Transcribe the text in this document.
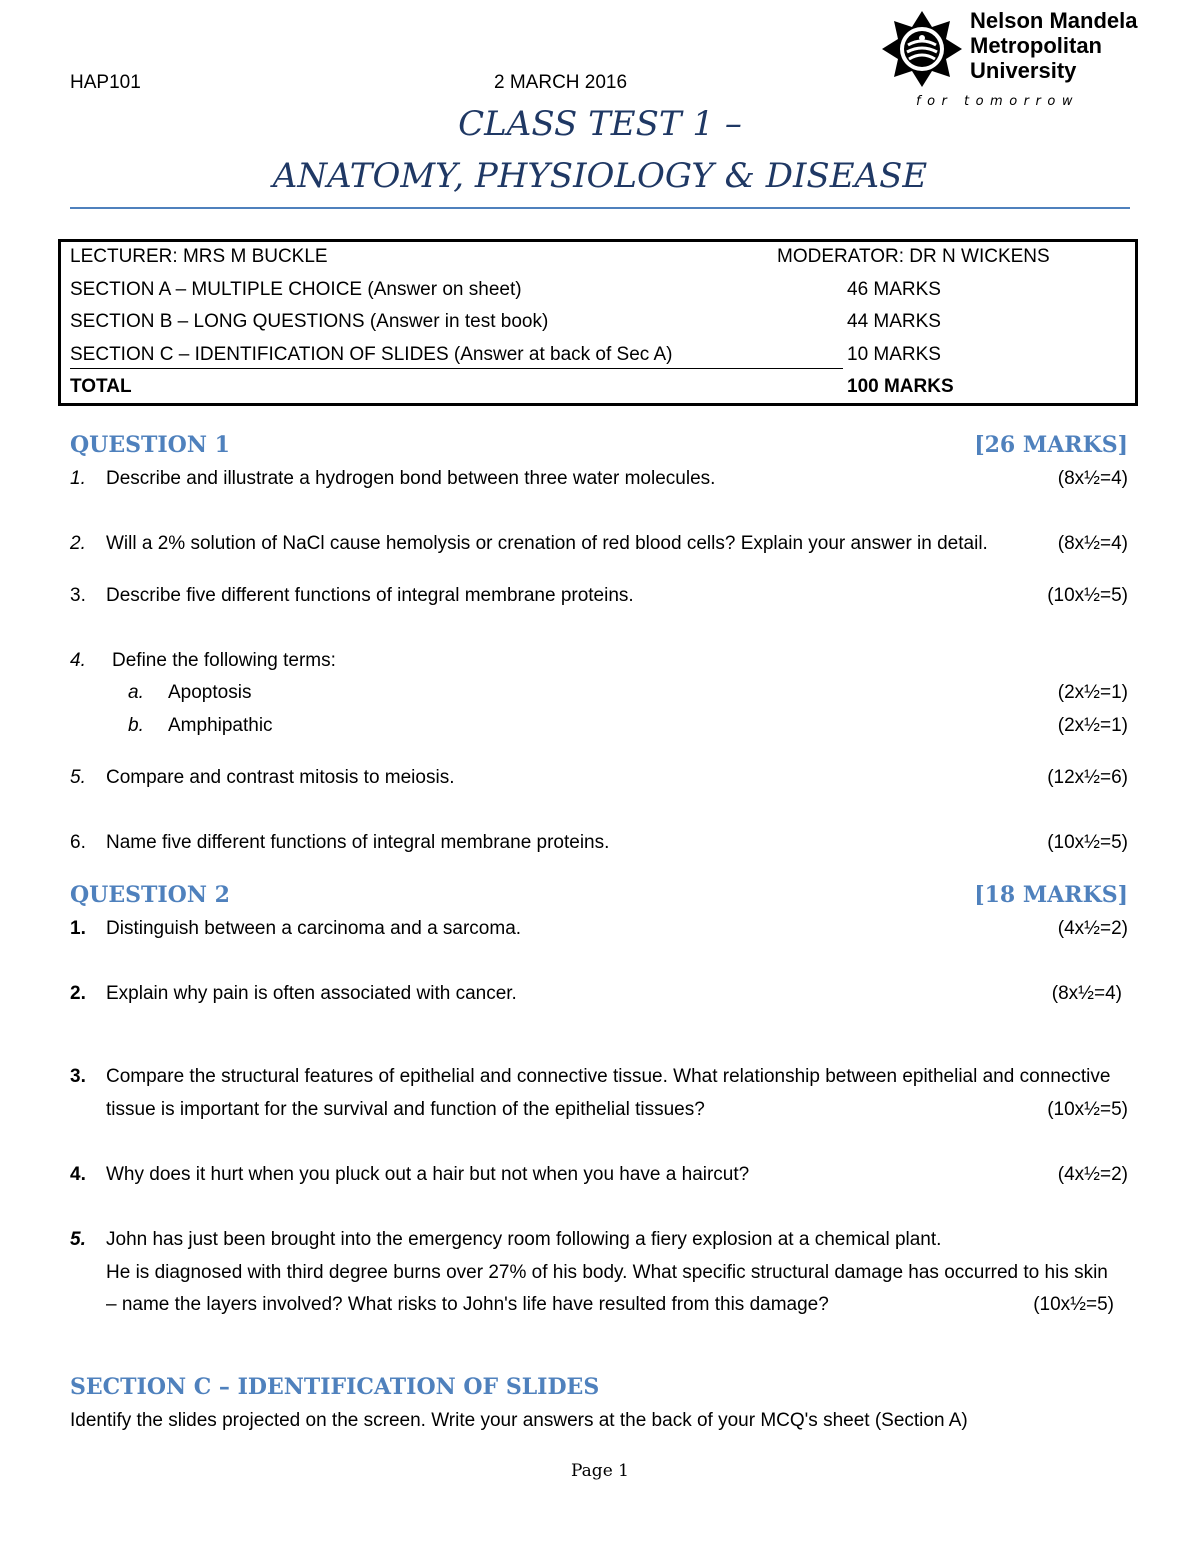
HAP101	2 MARCH 2016
Nelson Mandela
Metropolitan
University
for tomorrow
CLASS TEST 1 –
ANATOMY, PHYSIOLOGY & DISEASE
LECTURER: MRS M BUCKLE	MODERATOR: DR N WICKENS
SECTION A – MULTIPLE CHOICE (Answer on sheet)	46 MARKS
SECTION B – LONG QUESTIONS (Answer in test book)	44 MARKS
SECTION C – IDENTIFICATION OF SLIDES (Answer at back of Sec A)	10 MARKS
TOTAL	100 MARKS
QUESTION 1	[26 MARKS]
1. Describe and illustrate a hydrogen bond between three water molecules.	(8x½=4)
2. Will a 2% solution of NaCl cause hemolysis or crenation of red blood cells? Explain your answer in detail.	(8x½=4)
3. Describe five different functions of integral membrane proteins.	(10x½=5)
4. Define the following terms:
a. Apoptosis	(2x½=1)
b. Amphipathic	(2x½=1)
5. Compare and contrast mitosis to meiosis.	(12x½=6)
6. Name five different functions of integral membrane proteins.	(10x½=5)
QUESTION 2	[18 MARKS]
1. Distinguish between a carcinoma and a sarcoma.	(4x½=2)
2. Explain why pain is often associated with cancer.	(8x½=4)
3. Compare the structural features of epithelial and connective tissue. What relationship between epithelial and connective
tissue is important for the survival and function of the epithelial tissues?	(10x½=5)
4. Why does it hurt when you pluck out a hair but not when you have a haircut?	(4x½=2)
5. John has just been brought into the emergency room following a fiery explosion at a chemical plant.
He is diagnosed with third degree burns over 27% of his body. What specific structural damage has occurred to his skin
– name the layers involved? What risks to John's life have resulted from this damage?	(10x½=5)
SECTION C – IDENTIFICATION OF SLIDES
Identify the slides projected on the screen. Write your answers at the back of your MCQ's sheet (Section A)
Page 1
